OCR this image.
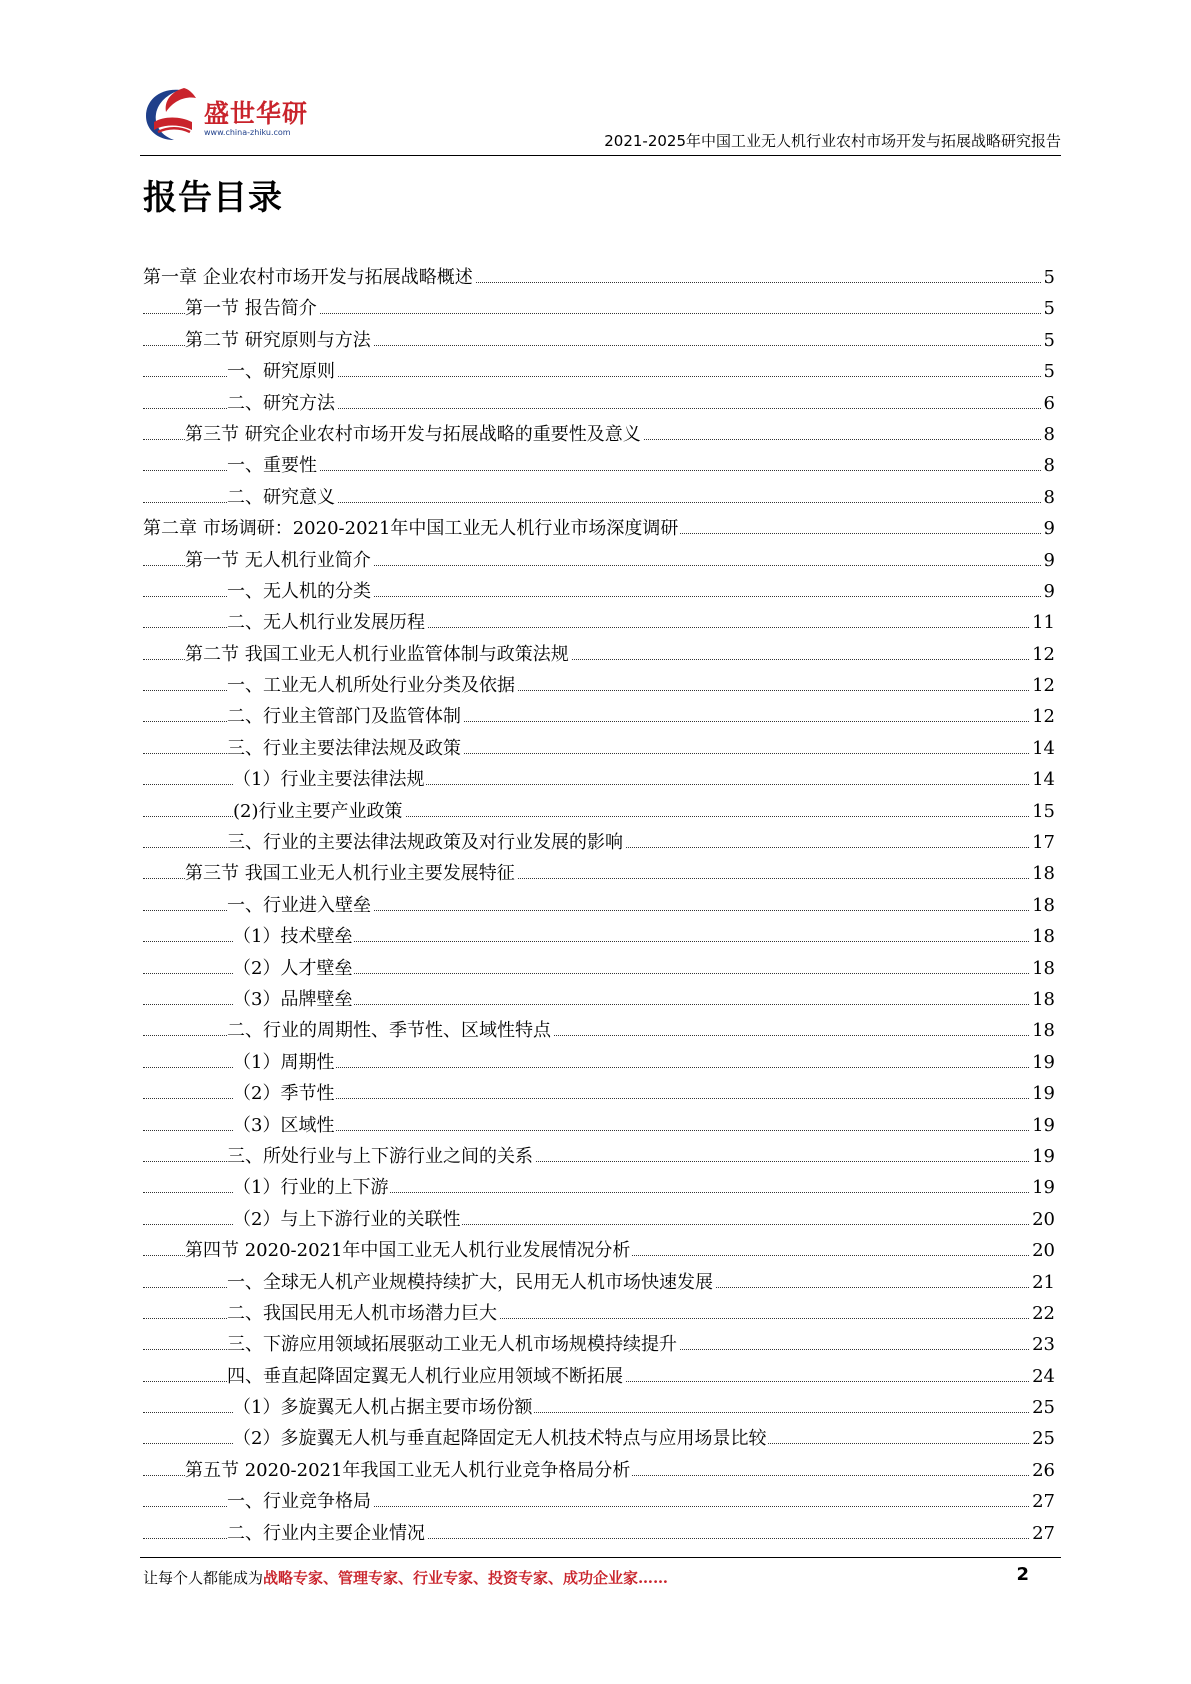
盛世华研
www.china-zhiku.com	2021-2025年中国工业无人机行业农村市场开发与拓展战略研究报告
报告目录
第一章 企业农村市场开发与拓展战略概述	5
第一节 报告简介	5
第二节 研究原则与方法	5
一、研究原则	5
二、研究方法	6
第三节 研究企业农村市场开发与拓展战略的重要性及意义	8
一、重要性	8
二、研究意义	8
第二章 市场调研：2020-2021年中国工业无人机行业市场深度调研	9
第一节 无人机行业简介	9
一、无人机的分类	9
二、无人机行业发展历程	11
第二节 我国工业无人机行业监管体制与政策法规	12
一、工业无人机所处行业分类及依据	12
二、行业主管部门及监管体制	12
三、行业主要法律法规及政策	14
（1）行业主要法律法规	14
(2)行业主要产业政策	15
三、行业的主要法律法规政策及对行业发展的影响	17
第三节 我国工业无人机行业主要发展特征	18
一、行业进入壁垒	18
（1）技术壁垒	18
（2）人才壁垒	18
（3）品牌壁垒	18
二、行业的周期性、季节性、区域性特点	18
（1）周期性	19
（2）季节性	19
（3）区域性	19
三、所处行业与上下游行业之间的关系	19
（1）行业的上下游	19
（2）与上下游行业的关联性	20
第四节 2020-2021年中国工业无人机行业发展情况分析	20
一、全球无人机产业规模持续扩大，民用无人机市场快速发展	21
二、我国民用无人机市场潜力巨大	22
三、下游应用领域拓展驱动工业无人机市场规模持续提升	23
四、垂直起降固定翼无人机行业应用领域不断拓展	24
（1）多旋翼无人机占据主要市场份额	25
（2）多旋翼无人机与垂直起降固定无人机技术特点与应用场景比较	25
第五节 2020-2021年我国工业无人机行业竞争格局分析	26
一、行业竞争格局	27
二、行业内主要企业情况	27
让每个人都能成为战略专家、管理专家、行业专家、投资专家、成功企业家……	2
